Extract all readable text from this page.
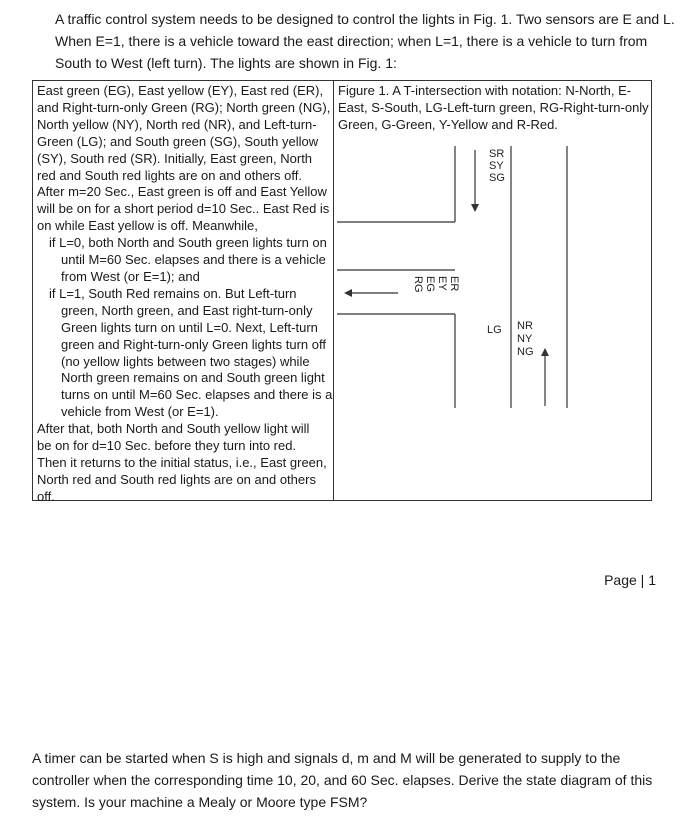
A traffic control system needs to be designed to control the lights in Fig. 1. Two sensors are E and L.
When E=1, there is a vehicle toward the east direction; when L=1, there is a vehicle to turn from
South to West (left turn). The lights are shown in Fig. 1:
East green (EG), East yellow (EY), East red (ER),
and Right-turn-only Green (RG); North green (NG),
North yellow (NY), North red (NR), and Left-turn-
Green (LG); and South green (SG), South yellow
(SY), South red (SR). Initially, East green, North
red and South red lights are on and others off.
After m=20 Sec., East green is off and East Yellow
will be on for a short period d=10 Sec.. East Red is
on while East yellow is off. Meanwhile,
if L=0, both North and South green lights turn on
until M=60 Sec. elapses and there is a vehicle
from West (or E=1); and
if L=1, South Red remains on. But Left-turn
green, North green, and East right-turn-only
Green lights turn on until L=0. Next, Left-turn
green and Right-turn-only Green lights turn off
(no yellow lights between two stages) while
North green remains on and South green light
turns on until M=60 Sec. elapses and there is a
vehicle from West (or E=1).
After that, both North and South yellow light will
be on for d=10 Sec. before they turn into red.
Then it returns to the initial status, i.e., East green,
North red and South red lights are on and others
off.
Figure 1. A T-intersection with notation: N-North, E-
East, S-South, LG-Left-turn green, RG-Right-turn-only
Green, G-Green, Y-Yellow and R-Red.
SR
SY
SG
ER
EY
EG
RG
LG NR
NY
NG
Page | 1
A timer can be started when S is high and signals d, m and M will be generated to supply to the
controller when the corresponding time 10, 20, and 60 Sec. elapses. Derive the state diagram of this
system. Is your machine a Mealy or Moore type FSM?
